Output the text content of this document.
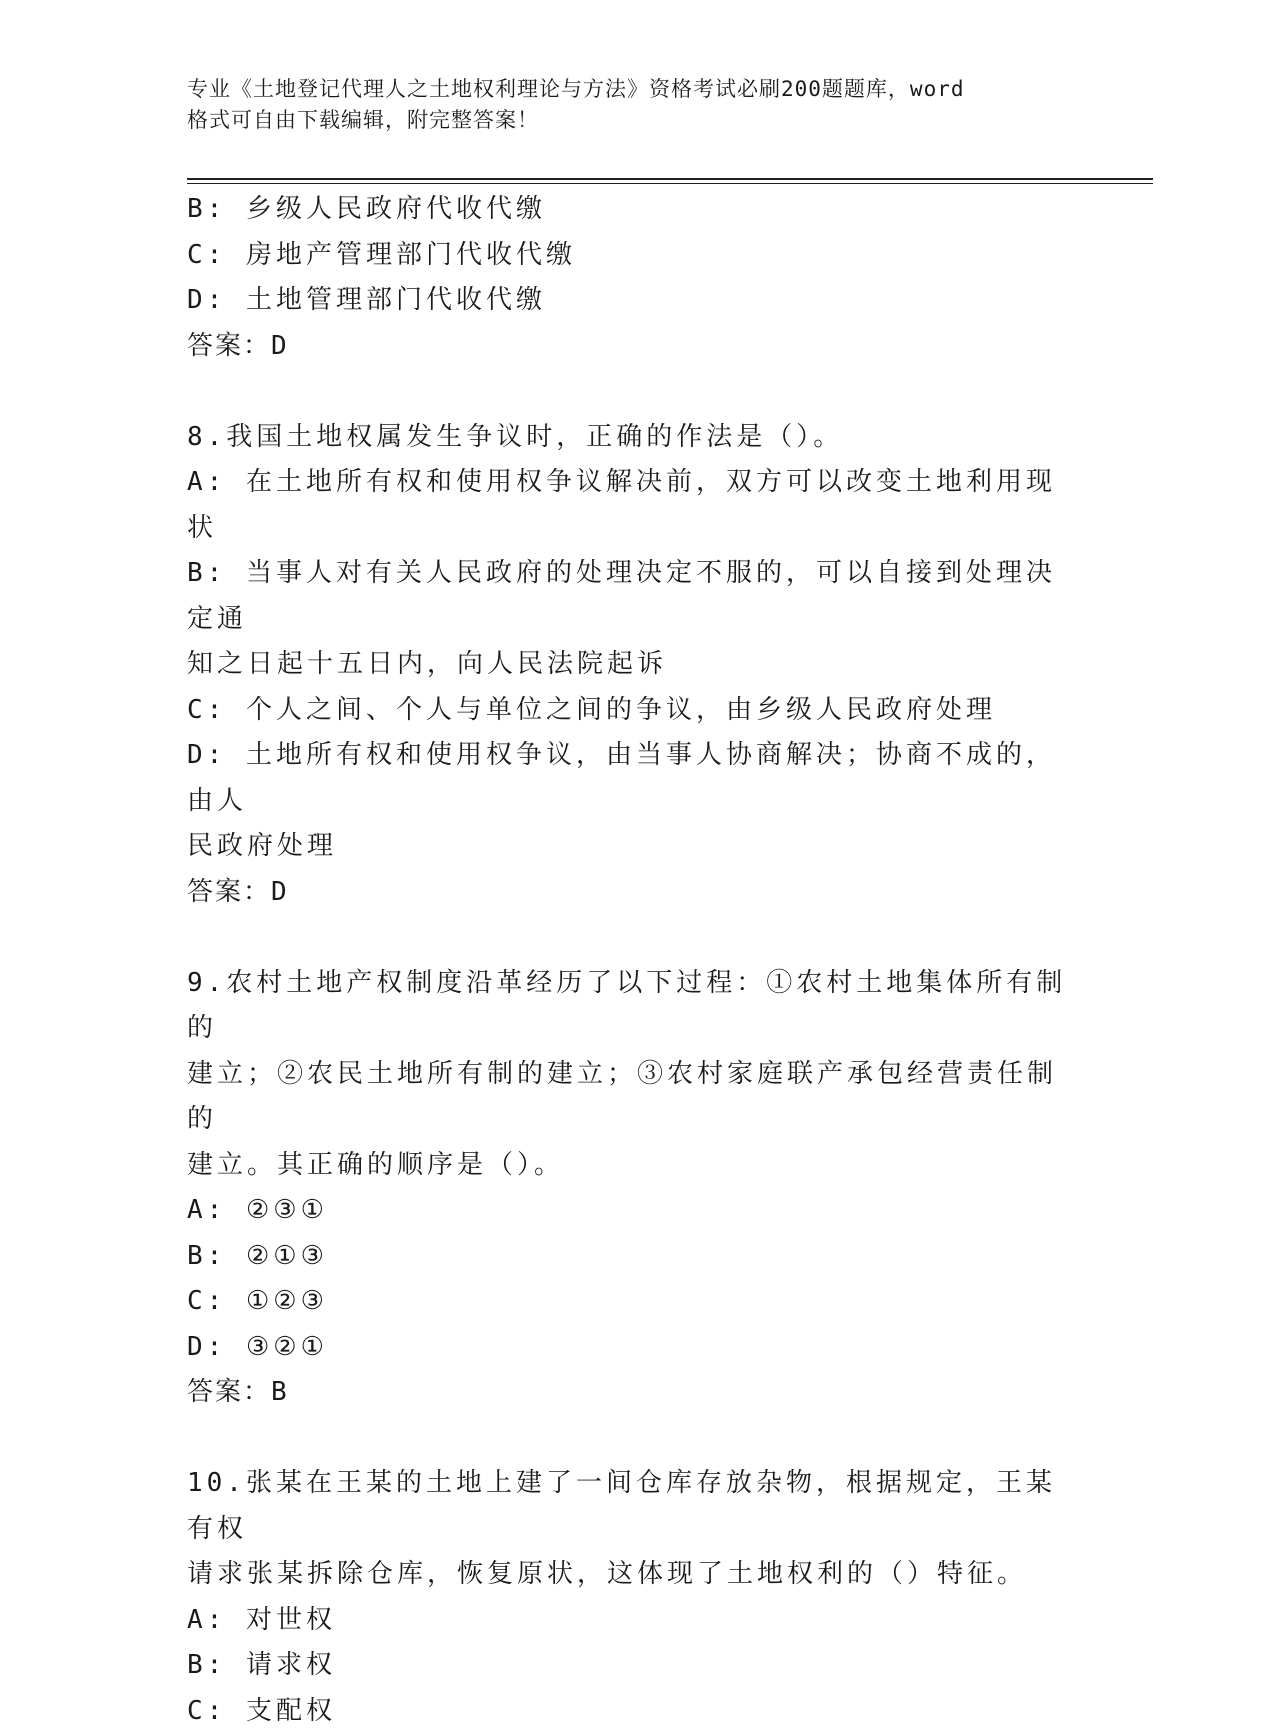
专业《土地登记代理人之土地权利理论与方法》资格考试必刷200题题库，word
格式可自由下载编辑，附完整答案！

B: 乡级人民政府代收代缴

C: 房地产管理部门代收代缴

D: 土地管理部门代收代缴

答案：D

8.我国土地权属发生争议时，正确的作法是（）。

A: 在土地所有权和使用权争议解决前，双方可以改变土地利用现状

B: 当事人对有关人民政府的处理决定不服的，可以自接到处理决定通

知之日起十五日内，向人民法院起诉

C: 个人之间、个人与单位之间的争议，由乡级人民政府处理

D: 土地所有权和使用权争议，由当事人协商解决；协商不成的，由人

民政府处理

答案：D

9.农村土地产权制度沿革经历了以下过程：①农村土地集体所有制的

建立；②农民土地所有制的建立；③农村家庭联产承包经营责任制的

建立。其正确的顺序是（）。

A: ②③①

B: ②①③

C: ①②③

D: ③②①

答案：B

10.张某在王某的土地上建了一间仓库存放杂物，根据规定，王某有权

请求张某拆除仓库，恢复原状，这体现了土地权利的（）特征。

A: 对世权

B: 请求权

C: 支配权
